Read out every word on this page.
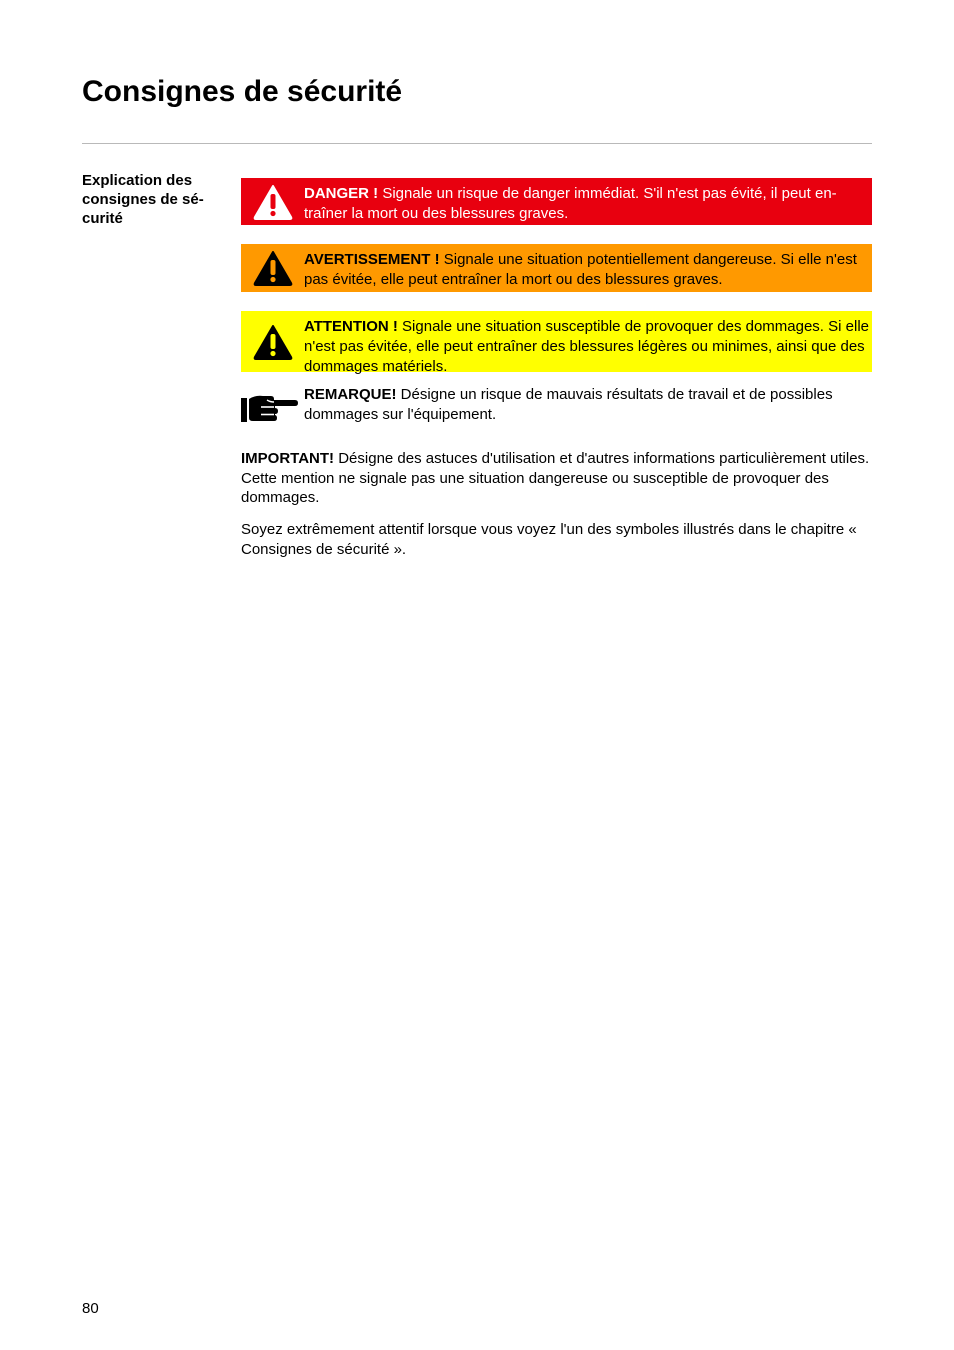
Consignes de sécurité
Explication des consignes de sé-curité
DANGER ! Signale un risque de danger immédiat. S'il n'est pas évité, il peut en-traîner la mort ou des blessures graves.
AVERTISSEMENT ! Signale une situation potentiellement dangereuse. Si elle n'est pas évitée, elle peut entraîner la mort ou des blessures graves.
ATTENTION ! Signale une situation susceptible de provoquer des dommages. Si elle n'est pas évitée, elle peut entraîner des blessures légères ou minimes, ainsi que des dommages matériels.
REMARQUE! Désigne un risque de mauvais résultats de travail et de possibles dommages sur l'équipement.

IMPORTANT! Désigne des astuces d'utilisation et d'autres informations particulièrement utiles. Cette mention ne signale pas une situation dangereuse ou susceptible de provoquer des dommages.

Soyez extrêmement attentif lorsque vous voyez l'un des symboles illustrés dans le chapitre « Consignes de sécurité ».

80
